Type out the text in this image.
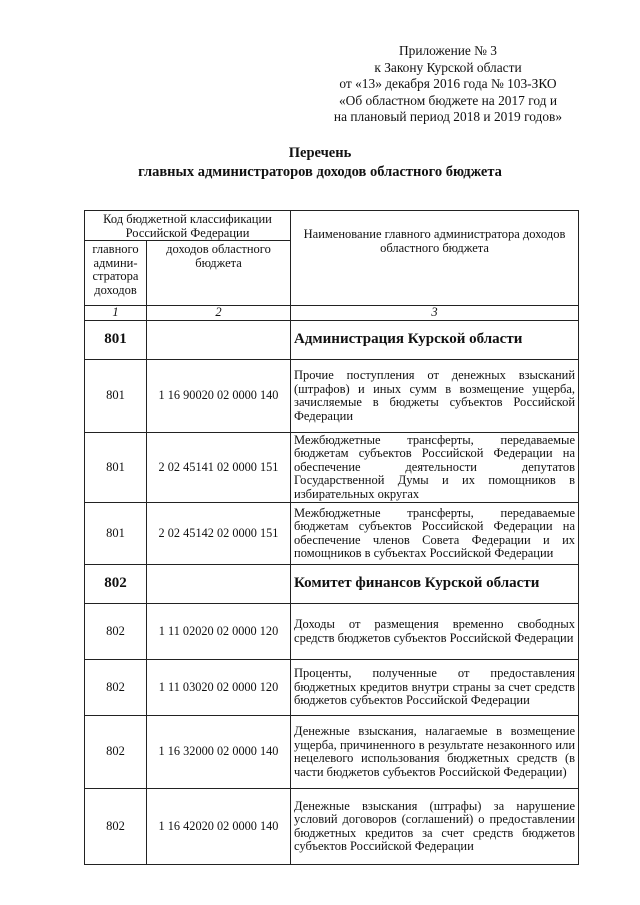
Приложение № 3
к Закону Курской области
от «13» декабря 2016 года № 103-ЗКО
«Об областном бюджете на 2017 год и
на плановый период 2018 и 2019 годов»
Перечень
главных администраторов доходов областного бюджета
Код бюджетной классификации Российской Федерации		Наименование главного администратора доходов областного бюджета

главного админи-стратора доходов	доходов областного бюджета	
1	2	3
801		Администрация Курской области
801	1 16 90020 02 0000 140	Прочие поступления от денежных взысканий (штрафов) и иных сумм в возмещение ущерба, зачисляемые в бюджеты субъектов Российской Федерации
801	2 02 45141 02 0000 151	Межбюджетные трансферты, передаваемые бюджетам субъектов Российской Федерации на обеспечение деятельности депутатов Государственной Думы и их помощников в избирательных округах
801	2 02 45142 02 0000 151	Межбюджетные трансферты, передаваемые бюджетам субъектов Российской Федерации на обеспечение членов Совета Федерации и их помощников в субъектах Российской Федерации
802		Комитет финансов Курской области
802	1 11 02020 02 0000 120	Доходы от размещения временно свободных средств бюджетов субъектов Российской Федерации
802	1 11 03020 02 0000 120	Проценты, полученные от предоставления бюджетных кредитов внутри страны за счет средств бюджетов субъектов Российской Федерации
802	1 16 32000 02 0000 140	Денежные взыскания, налагаемые в возмещение ущерба, причиненного в результате незаконного или нецелевого использования бюджетных средств (в части бюджетов субъектов Российской Федерации)
802	1 16 42020 02 0000 140	Денежные взыскания (штрафы) за нарушение условий договоров (соглашений) о предоставлении бюджетных кредитов за счет средств бюджетов субъектов Российской Федерации
